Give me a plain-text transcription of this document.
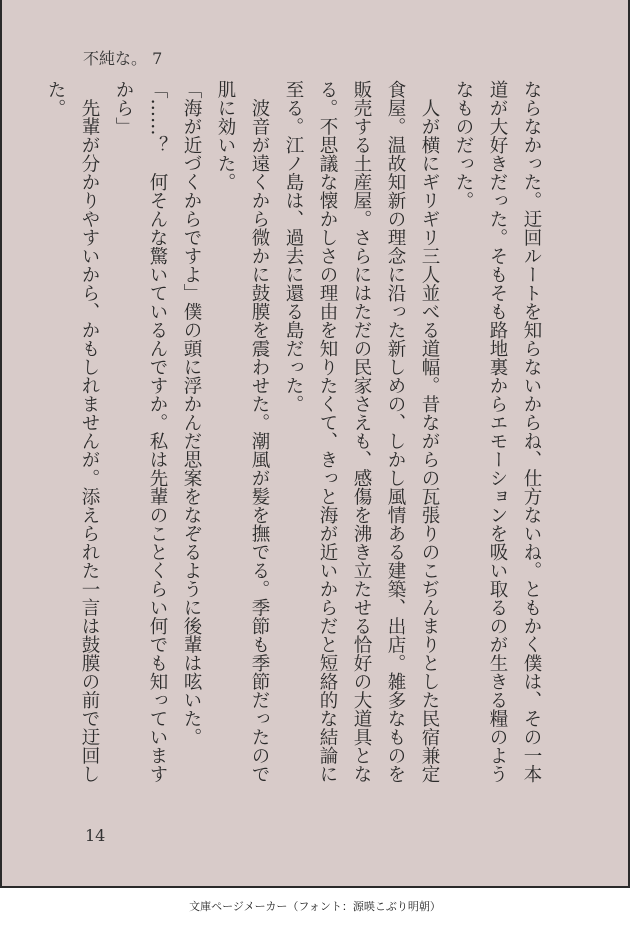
不純な。 7

ならなかった。迂回ルートを知らないからね、仕方ないね。ともかく僕は、その一本道が大好きだった。そもそも路地裏からエモーションを吸い取るのが生きる糧のようなものだった。

　人が横にギリギリ三人並べる道幅。昔ながらの瓦張りのこぢんまりとした民宿兼定食屋。温故知新の理念に沿った新しめの、しかし風情ある建築、出店。雑多なものを販売する土産屋。さらにはただの民家さえも、感傷を沸き立たせる恰好の大道具となる。不思議な懐かしさの理由を知りたくて、きっと海が近いからだと短絡的な結論に至る。江ノ島は、過去に還る島だった。

　波音が遠くから微かに鼓膜を震わせた。潮風が髪を撫でる。季節も季節だったので肌に効いた。

「海が近づくからですよ」僕の頭に浮かんだ思案をなぞるように後輩は呟いた。

「……？　何そんな驚いているんですか。私は先輩のことくらい何でも知っていますから」

　先輩が分かりやすいから、かもしれませんが。添えられた一言は鼓膜の前で迂回した。

14
文庫ページメーカー（フォント：源暎こぶり明朝）
